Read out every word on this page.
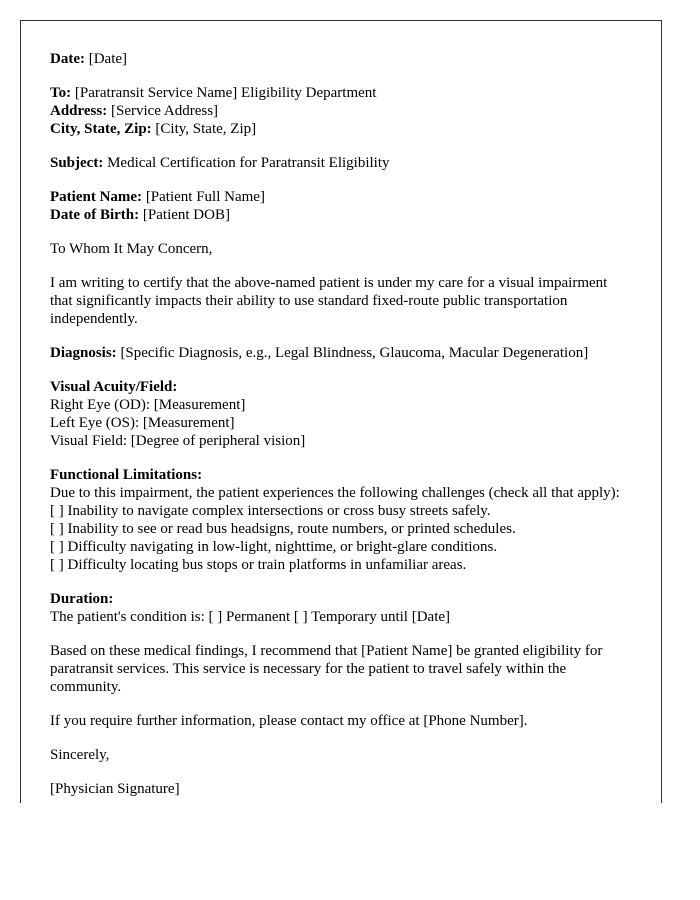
Date: [Date]

To: [Paratransit Service Name] Eligibility Department
Address: [Service Address]
City, State, Zip: [City, State, Zip]

Subject: Medical Certification for Paratransit Eligibility

Patient Name: [Patient Full Name]
Date of Birth: [Patient DOB]

To Whom It May Concern,

I am writing to certify that the above-named patient is under my care for a visual impairment that significantly impacts their ability to use standard fixed-route public transportation independently.

Diagnosis: [Specific Diagnosis, e.g., Legal Blindness, Glaucoma, Macular Degeneration]

Visual Acuity/Field:
Right Eye (OD): [Measurement]
Left Eye (OS): [Measurement]
Visual Field: [Degree of peripheral vision]

Functional Limitations:
Due to this impairment, the patient experiences the following challenges (check all that apply):
[ ] Inability to navigate complex intersections or cross busy streets safely.
[ ] Inability to see or read bus headsigns, route numbers, or printed schedules.
[ ] Difficulty navigating in low-light, nighttime, or bright-glare conditions.
[ ] Difficulty locating bus stops or train platforms in unfamiliar areas.

Duration:
The patient's condition is: [ ] Permanent [ ] Temporary until [Date]

Based on these medical findings, I recommend that [Patient Name] be granted eligibility for paratransit services. This service is necessary for the patient to travel safely within the community.

If you require further information, please contact my office at [Phone Number].

Sincerely,

[Physician Signature]
